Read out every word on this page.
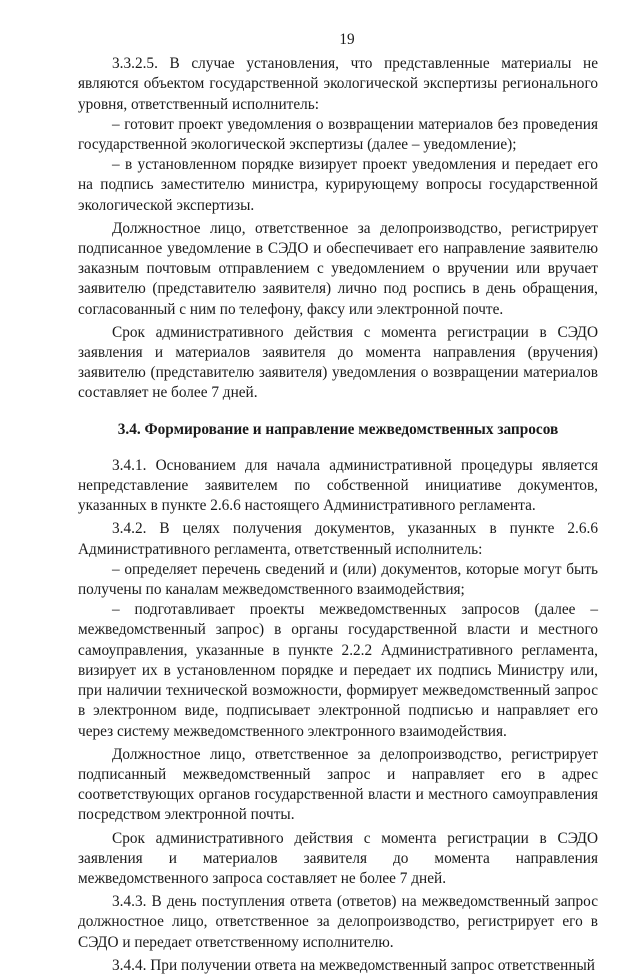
19

3.3.2.5. В случае установления, что представленные материалы не являются объектом государственной экологической экспертизы регионального уровня, ответственный исполнитель:

– готовит проект уведомления о возвращении материалов без проведения государственной экологической экспертизы (далее – уведомление);

– в установленном порядке визирует проект уведомления и передает его на подпись заместителю министра, курирующему вопросы государственной экологической экспертизы.

Должностное лицо, ответственное за делопроизводство, регистрирует подписанное уведомление в СЭДО и обеспечивает его направление заявителю заказным почтовым отправлением с уведомлением о вручении или вручает заявителю (представителю заявителя) лично под роспись в день обращения, согласованный с ним по телефону, факсу или электронной почте.

Срок административного действия с момента регистрации в СЭДО заявления и материалов заявителя до момента направления (вручения) заявителю (представителю заявителя) уведомления о возвращении материалов составляет не более 7 дней.

3.4. Формирование и направление межведомственных запросов

3.4.1. Основанием для начала административной процедуры является непредставление заявителем по собственной инициативе документов, указанных в пункте 2.6.6 настоящего Административного регламента.

3.4.2. В целях получения документов, указанных в пункте 2.6.6 Административного регламента, ответственный исполнитель:

– определяет перечень сведений и (или) документов, которые могут быть получены по каналам межведомственного взаимодействия;

– подготавливает проекты межведомственных запросов (далее – межведомственный запрос) в органы государственной власти и местного самоуправления, указанные в пункте 2.2.2 Административного регламента, визирует их в установленном порядке и передает их подпись Министру или, при наличии технической возможности, формирует межведомственный запрос в электронном виде, подписывает электронной подписью и направляет его через систему межведомственного электронного взаимодействия.

Должностное лицо, ответственное за делопроизводство, регистрирует подписанный межведомственный запрос и направляет его в адрес соответствующих органов государственной власти и местного самоуправления посредством электронной почты.

Срок административного действия с момента регистрации в СЭДО заявления и материалов заявителя до момента направления межведомственного запроса составляет не более 7 дней.

3.4.3. В день поступления ответа (ответов) на межведомственный запрос должностное лицо, ответственное за делопроизводство, регистрирует его в СЭДО и передает ответственному исполнителю.

3.4.4. При получении ответа на межведомственный запрос ответственный
